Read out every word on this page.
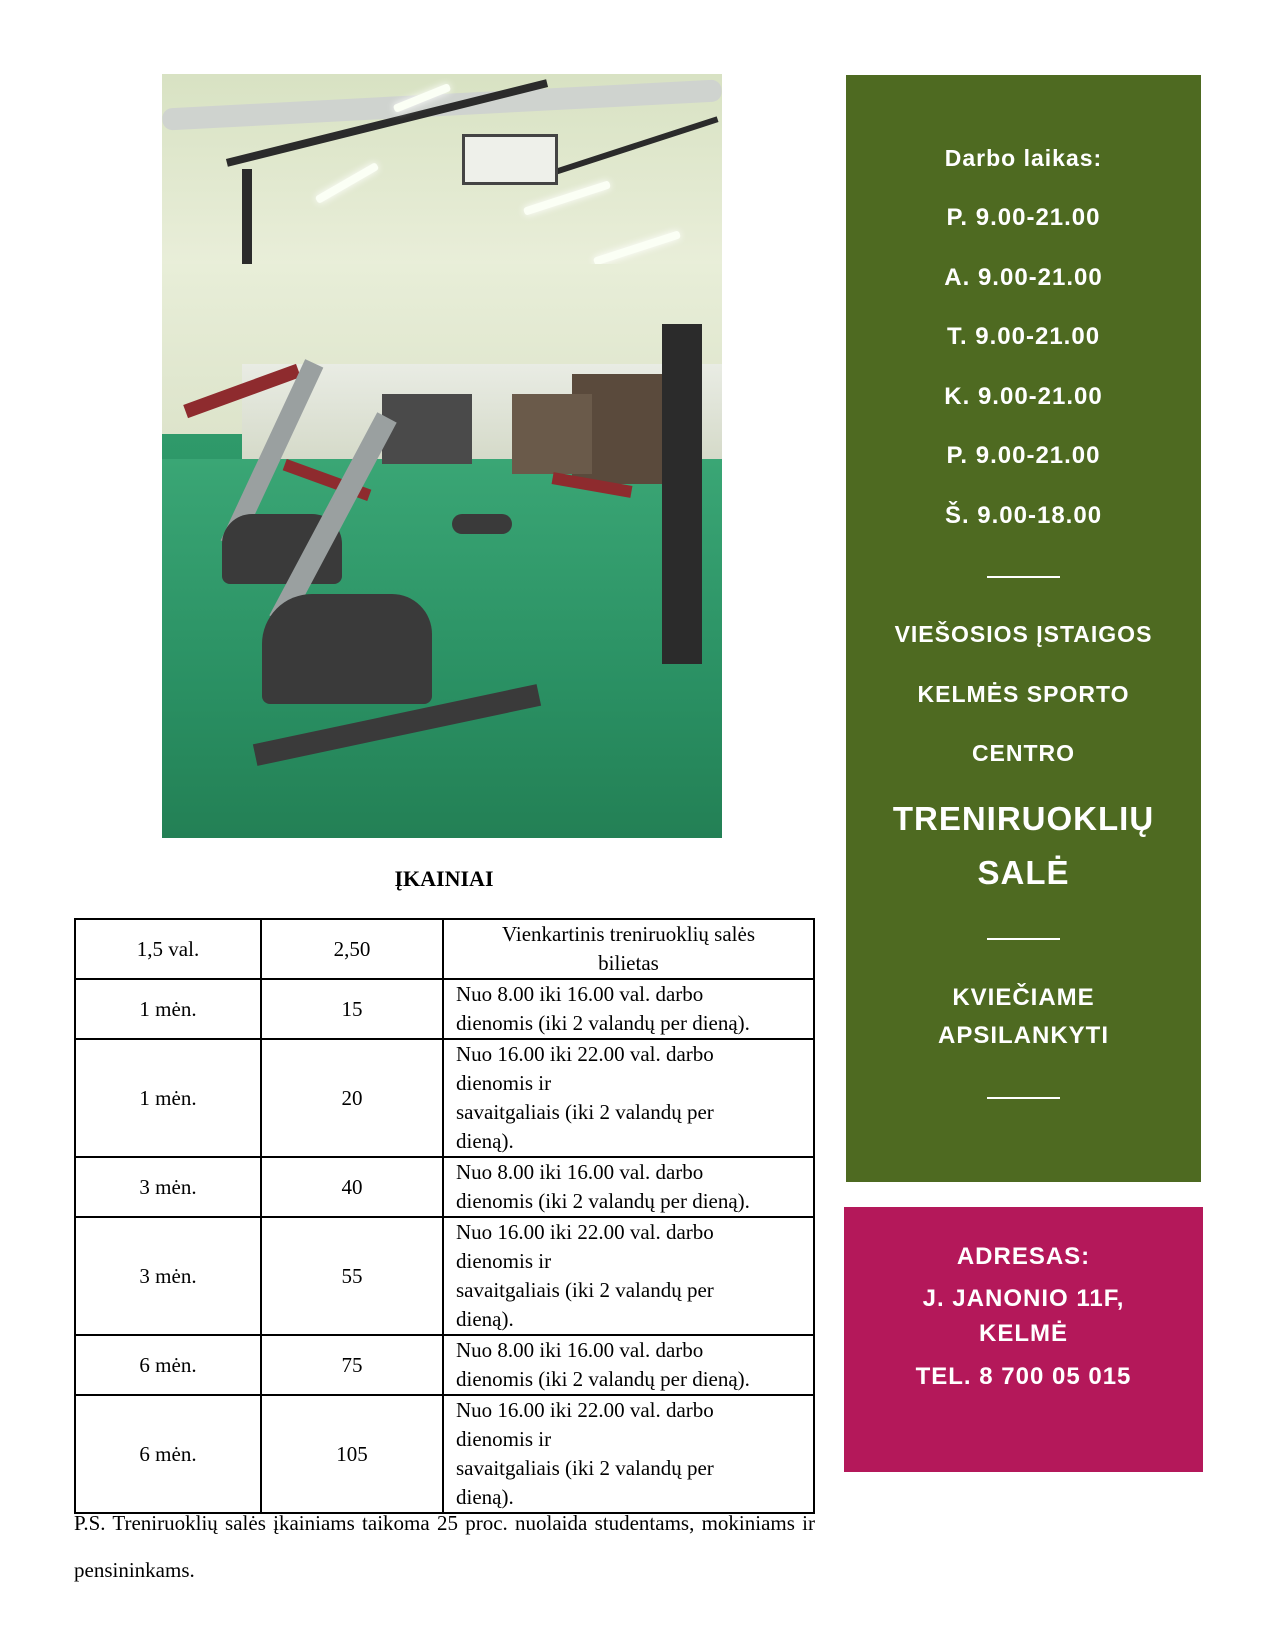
Darbo laikas:
P. 9.00-21.00
A. 9.00-21.00
T. 9.00-21.00
K. 9.00-21.00
P. 9.00-21.00
Š. 9.00-18.00
VIEŠOSIOS ĮSTAIGOS
KELMĖS SPORTO
CENTRO
TRENIRUOKLIŲ
SALĖ
KVIEČIAME
APSILANKYTI
ADRESAS:
J. JANONIO 11F,
KELMĖ
TEL. 8 700 05 015
ĮKAINIAI
1,5 val.	2,50	Vienkartinis treniruoklių salės
bilietas
1 mėn.	15	Nuo 8.00 iki 16.00 val. darbo
dienomis (iki 2 valandų per dieną).
1 mėn.	20	Nuo 16.00 iki 22.00 val. darbo
dienomis ir
savaitgaliais (iki 2 valandų per
dieną).
3 mėn.	40	Nuo 8.00 iki 16.00 val. darbo
dienomis (iki 2 valandų per dieną).
3 mėn.	55	Nuo 16.00 iki 22.00 val. darbo
dienomis ir
savaitgaliais (iki 2 valandų per
dieną).
6 mėn.	75	Nuo 8.00 iki 16.00 val. darbo
dienomis (iki 2 valandų per dieną).
6 mėn.	105	Nuo 16.00 iki 22.00 val. darbo
dienomis ir
savaitgaliais (iki 2 valandų per
dieną).
P.S. Treniruoklių salės įkainiams taikoma 25 proc. nuolaida studentams, mokiniams ir pensininkams.
